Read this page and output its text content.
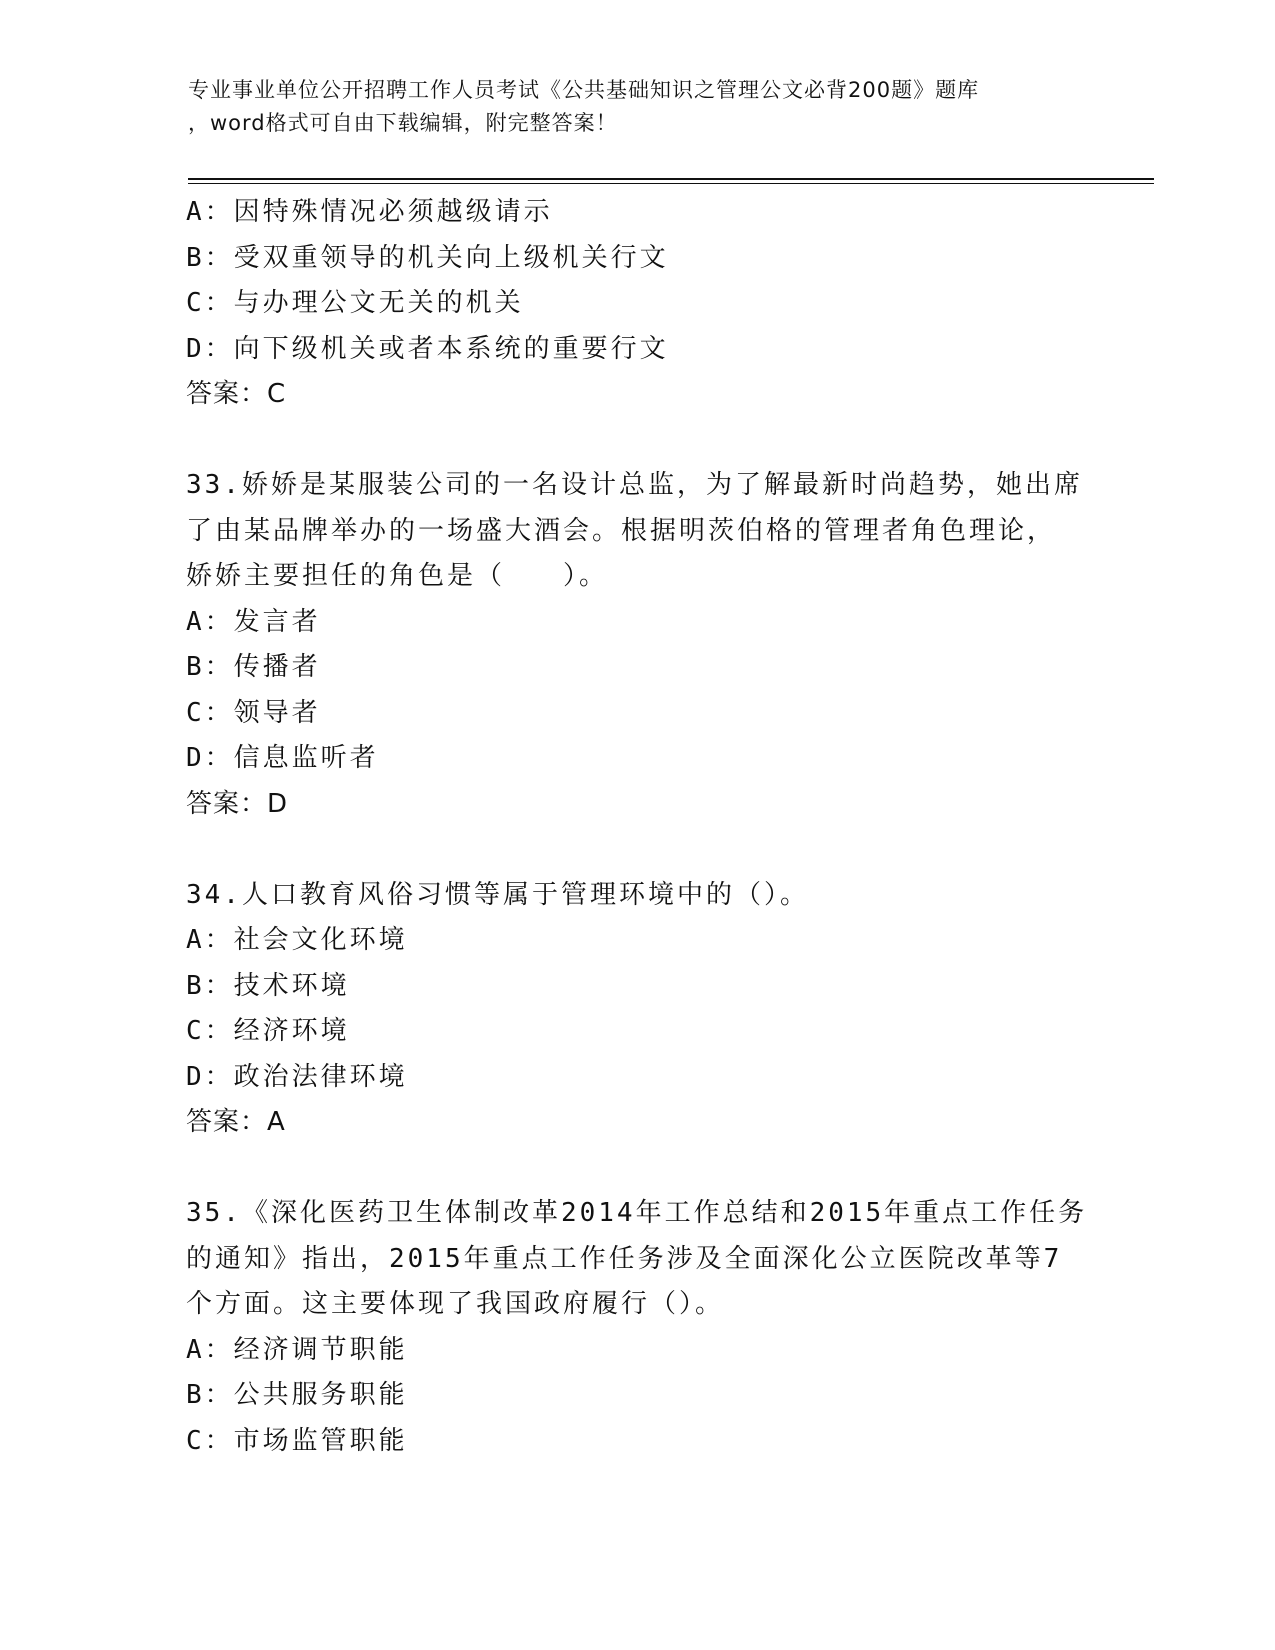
专业事业单位公开招聘工作人员考试《公共基础知识之管理公文必背200题》题库
，word格式可自由下载编辑，附完整答案！
A：因特殊情况必须越级请示
B：受双重领导的机关向上级机关行文
C：与办理公文无关的机关
D：向下级机关或者本系统的重要行文
答案：C
33.娇娇是某服装公司的一名设计总监，为了解最新时尚趋势，她出席
了由某品牌举办的一场盛大酒会。根据明茨伯格的管理者角色理论，
娇娇主要担任的角色是（　　）。
A：发言者
B：传播者
C：领导者
D：信息监听者
答案：D
34.人口教育风俗习惯等属于管理环境中的（）。
A：社会文化环境
B：技术环境
C：经济环境
D：政治法律环境
答案：A
35.《深化医药卫生体制改革2014年工作总结和2015年重点工作任务
的通知》指出，2015年重点工作任务涉及全面深化公立医院改革等7
个方面。这主要体现了我国政府履行（）。
A：经济调节职能
B：公共服务职能
C：市场监管职能
